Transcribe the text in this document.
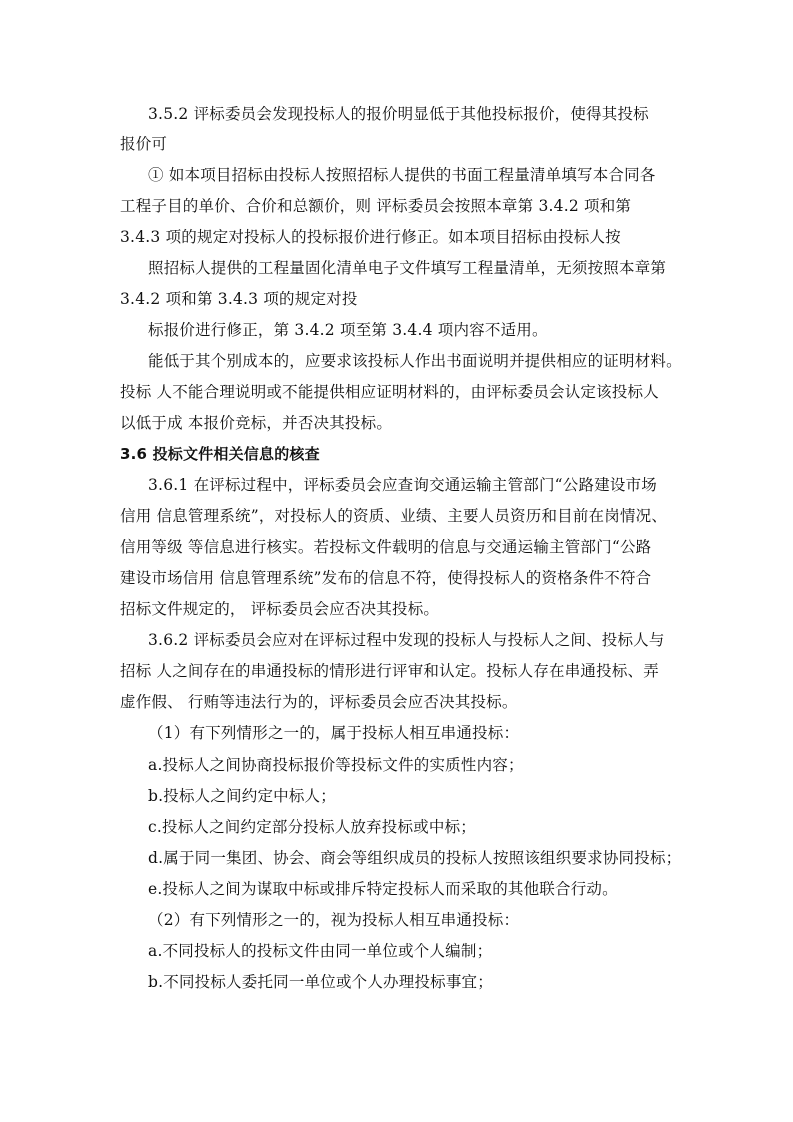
3.5.2 评标委员会发现投标人的报价明显低于其他投标报价，使得其投标
报价可
① 如本项目招标由投标人按照招标人提供的书面工程量清单填写本合同各
工程子目的单价、合价和总额价，则 评标委员会按照本章第 3.4.2 项和第
3.4.3 项的规定对投标人的投标报价进行修正。如本项目招标由投标人按
照招标人提供的工程量固化清单电子文件填写工程量清单，无须按照本章第
3.4.2 项和第 3.4.3 项的规定对投
标报价进行修正，第 3.4.2 项至第 3.4.4 项内容不适用。
能低于其个别成本的，应要求该投标人作出书面说明并提供相应的证明材料。
投标 人不能合理说明或不能提供相应证明材料的，由评标委员会认定该投标人
以低于成 本报价竞标，并否决其投标。
3.6 投标文件相关信息的核查
3.6.1 在评标过程中，评标委员会应查询交通运输主管部门“公路建设市场
信用 信息管理系统”，对投标人的资质、业绩、主要人员资历和目前在岗情况、
信用等级 等信息进行核实。若投标文件载明的信息与交通运输主管部门“公路
建设市场信用 信息管理系统”发布的信息不符，使得投标人的资格条件不符合
招标文件规定的， 评标委员会应否决其投标。
3.6.2 评标委员会应对在评标过程中发现的投标人与投标人之间、投标人与
招标 人之间存在的串通投标的情形进行评审和认定。投标人存在串通投标、弄
虚作假、 行贿等违法行为的，评标委员会应否决其投标。
（1）有下列情形之一的，属于投标人相互串通投标：
a.投标人之间协商投标报价等投标文件的实质性内容；
b.投标人之间约定中标人；
c.投标人之间约定部分投标人放弃投标或中标；
d.属于同一集团、协会、商会等组织成员的投标人按照该组织要求协同投标；
e.投标人之间为谋取中标或排斥特定投标人而采取的其他联合行动。
（2）有下列情形之一的，视为投标人相互串通投标：
a.不同投标人的投标文件由同一单位或个人编制；
b.不同投标人委托同一单位或个人办理投标事宜；
